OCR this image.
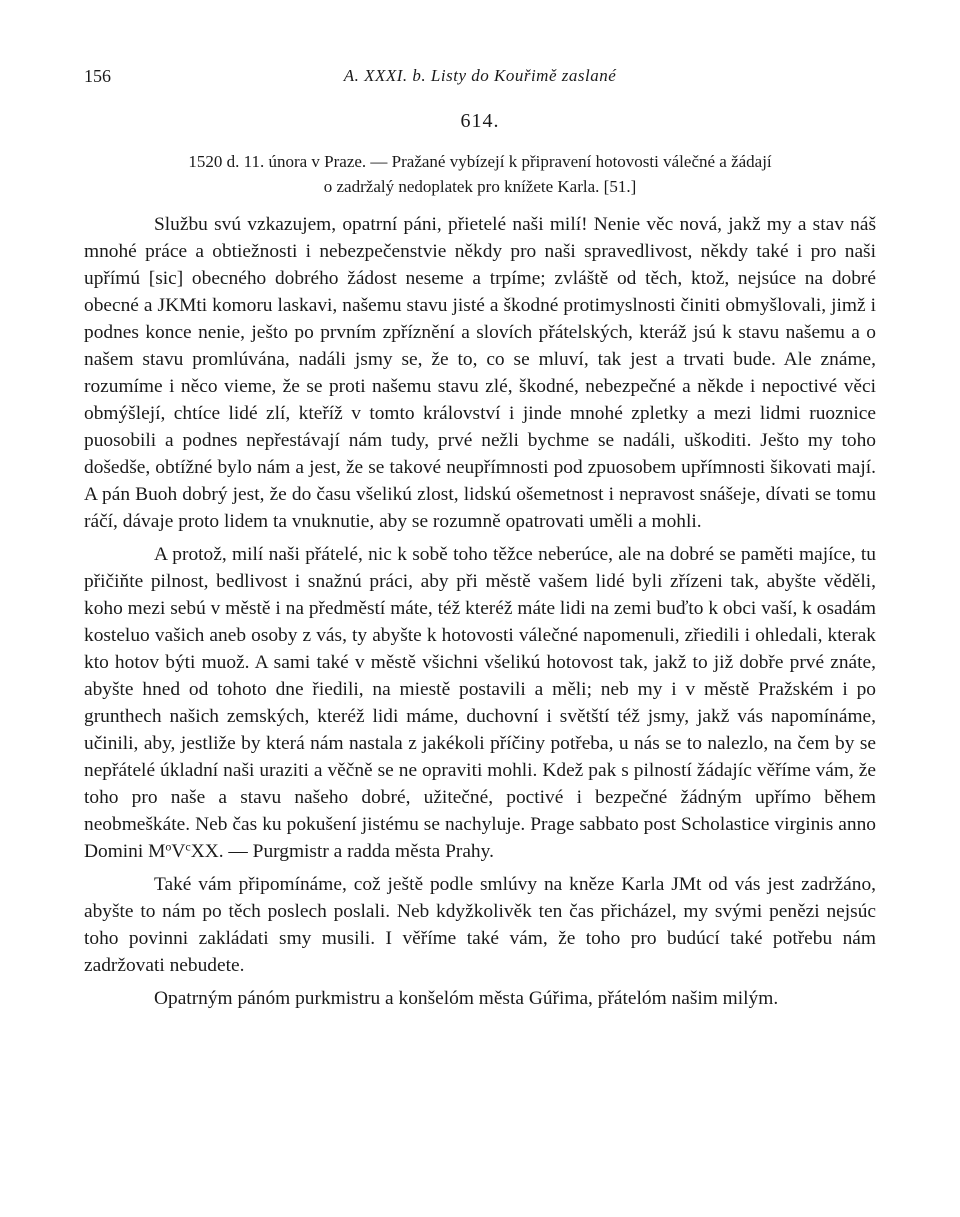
156	A. XXXI. b. Listy do Kouřimě zaslané
614.
1520 d. 11. února v Praze. — Pražané vybízejí k připravení hotovosti válečné a žádají
o zadržalý nedoplatek pro knížete Karla. [51.]

Službu svú vzkazujem, opatrní páni, přietelé naši milí! Nenie věc nová, jakž my a stav náš mnohé práce a obtiežnosti i nebezpečenstvie někdy pro naši spravedlivost, někdy také i pro naši upřímú [sic] obecného dobrého žádost neseme a trpíme; zvláště od těch, ktož, nejsúce na dobré obecné a JKMti komoru laskavi, našemu stavu jisté a škodné protimyslnosti činiti obmyšlovali, jimž i podnes konce nenie, ješto po prvním zpříznění a slovích přátelských, kteráž jsú k stavu našemu a o našem stavu promlúvána, nadáli jsmy se, že to, co se mluví, tak jest a trvati bude. Ale známe, rozumíme i něco vieme, že se proti našemu stavu zlé, škodné, nebezpečné a někde i nepoctivé věci obmýšlejí, chtíce lidé zlí, kteříž v tomto království i jinde mnohé zpletky a mezi lidmi ruoznice puosobili a podnes nepřestávají nám tudy, prvé nežli bychme se nadáli, uškoditi. Ješto my toho došedše, obtížné bylo nám a jest, že se takové neupřímnosti pod zpuosobem upřímnosti šikovati mají. A pán Buoh dobrý jest, že do času všelikú zlost, lidskú ošemetnost i nepravost snášeje, dívati se tomu ráčí, dávaje proto lidem ta vnuknutie, aby se rozumně opatrovati uměli a mohli.

A protož, milí naši přátelé, nic k sobě toho těžce neberúce, ale na dobré se paměti majíce, tu přičiňte pilnost, bedlivost i snažnú práci, aby při městě vašem lidé byli zřízeni tak, abyšte věděli, koho mezi sebú v městě i na předměstí máte, též kteréž máte lidi na zemi buďto k obci vaší, k osadám kosteluo vašich aneb osoby z vás, ty abyšte k hotovosti válečné napomenuli, zřiedili i ohledali, kterak kto hotov býti muož. A sami také v městě všichni všelikú hotovost tak, jakž to již dobře prvé znáte, abyšte hned od tohoto dne řiedili, na miestě postavili a měli; neb my i v městě Pražském i po grunthech našich zemských, kteréž lidi máme, duchovní i světští též jsmy, jakž vás napomínáme, učinili, aby, jestliže by která nám nastala z jakékoli příčiny potřeba, u nás se to nalezlo, na čem by se nepřátelé úkladní naši uraziti a věčně se ne opraviti mohli. Kdež pak s pilností žádajíc věříme vám, že toho pro naše a stavu našeho dobré, užitečné, poctivé i bezpečné žádným upřímo během neobmeškáte. Neb čas ku pokušení jistému se nachyluje. Prage sabbato post Scholastice virginis anno Domini $M^oV^cXX$. — Purgmistr a radda města Prahy.

Také vám připomínáme, což ještě podle smlúvy na kněze Karla JMt od vás jest zadržáno, abyšte to nám po těch poslech poslali. Neb kdyžkolivěk ten čas přicházel, my svými penězi nejsúc toho povinni zakládati smy musili. I věříme také vám, že toho pro budúcí také potřebu nám zadržovati nebudete.

Opatrným pánóm purkmistru a konšelóm města Gúřima, přátelóm našim milým.
